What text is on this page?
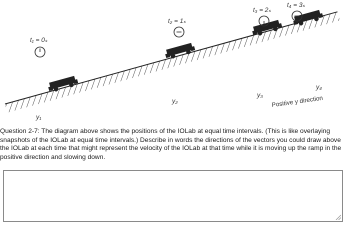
t₁ = 0ₛ
t₂ = 1ₛ
t₃ = 2ₛ
t₄ = 3ₛ
y₁
y₂
y₃
y₄
Positive y direction
Question 2-7: The diagram above shows the positions of the IOLab at equal time intervals. (This is like overlaying snapshots of the IOLab at equal time intervals.) Describe in words the directions of the vectors you could draw above the IOLab at each time that might represent the velocity of the IOLab at that time while it is moving up the ramp in the positive direction and slowing down.
